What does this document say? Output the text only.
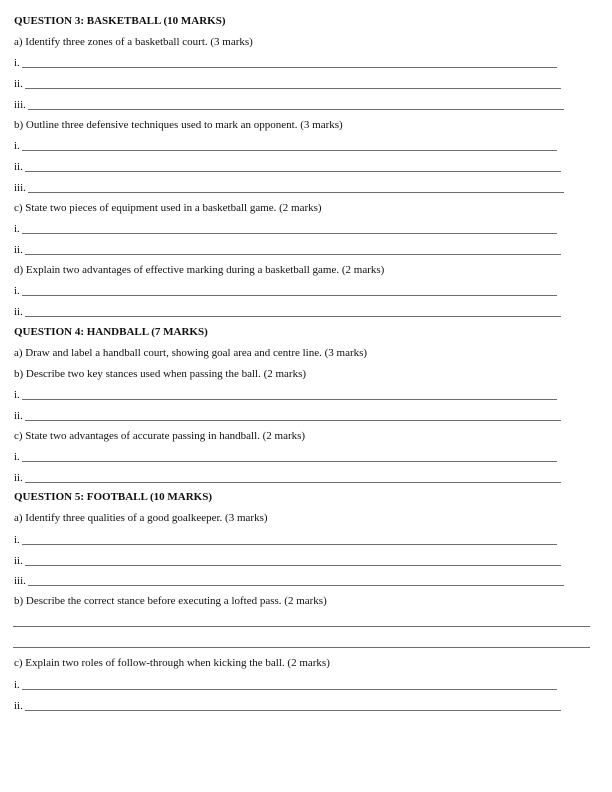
QUESTION 3: BASKETBALL (10 MARKS)
a) Identify three zones of a basketball court. (3 marks)
i.
ii.
iii.
b) Outline three defensive techniques used to mark an opponent. (3 marks)
i.
ii.
iii.
c) State two pieces of equipment used in a basketball game. (2 marks)
i.
ii.
d) Explain two advantages of effective marking during a basketball game. (2 marks)
i.
ii.
QUESTION 4: HANDBALL (7 MARKS)
a) Draw and label a handball court, showing goal area and centre line. (3 marks)
b) Describe two key stances used when passing the ball. (2 marks)
i.
ii.
c) State two advantages of accurate passing in handball. (2 marks)
i.
ii.
QUESTION 5: FOOTBALL (10 MARKS)
a) Identify three qualities of a good goalkeeper. (3 marks)
i.
ii.
iii.
b) Describe the correct stance before executing a lofted pass. (2 marks)
c) Explain two roles of follow-through when kicking the ball. (2 marks)
i.
ii.
